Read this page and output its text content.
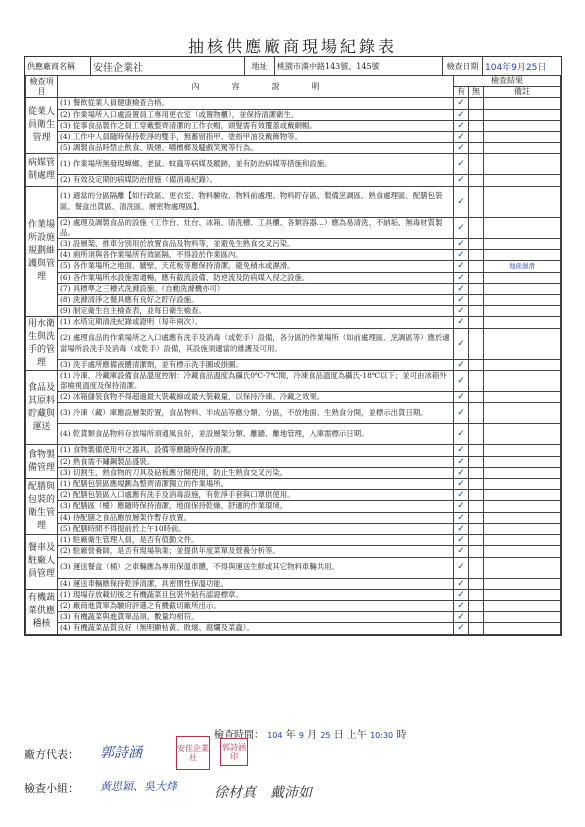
抽核供應廠商現場紀錄表
供應廠商名稱	安佳企業社	地址	桃園市漢中路143號、145號	檢查日期 104年9月25日
檢查項目	內　　　　容　　　　說　　　　明	檢查結果		
		有	無	備註
從業人員衛生管理	(1) 餐飲從業人員健康檢查合格。	✓		
	(2) 作業場所入口處設置員工專用更衣室（或置物櫃），並保持清潔衛生。	✓		
	(3) 從事食品製作之員工穿戴整齊清潔的工作衣帽，頭髮需有效覆蓋或戴網帽。	✓		
	(4) 工作中人員隨時保持乾淨的雙手，無蓄留指甲、塗指甲油及戴飾物等。	✓		
	(5) 調製食品時禁止飲食、吸煙、嚼檳榔及騷戲笑罵等行為。	✓		
病媒管制處理	(1) 作業場所無發現蟑螂、老鼠、蚊蟲等病媒及蹤跡，並有防治病媒等措施和設施。	✓		
	(2) 有效及定期的病媒防治措施（備消毒紀錄）。	✓		
作業場所設施規劃維護與管理	(1) 適當的分區隔離【如行政區、更衣室、物料驗收、物料前處理、物料貯存區、製備烹調區、熟食處理區、配膳包裝區、餐盒出貨區、清洗區、層密物處理區】。	✓		
	(2) 處理及調製食品的設施（工作台、灶台、冰箱、清洗槽、工具櫃、各類容器…）應為易清洗、不納垢、無毒材質製品。	✓		
	(3) 設層架、推車分別用於放置食品及物料等，並避免生熟食交叉污染。	✓		
	(4) 廁所須與各作業場所有效區隔，不得設於作業區內。	✓		
	(5) 各作業場所之地面、牆壁、天花板等應保持清潔，避免積水或濕滑。	✓		地面濕滑
	(6) 各作業場所水設施需通暢，應有截流設備、防逆流及防病媒入侵之設施。	✓		
	(7) 具標準之三槽式洗滌設施。（自動洗滌機亦可）	✓		
	(8) 洗滌清淨之餐具應有良好之貯存設施。	✓		
	(9) 制定衛生自主檢查表，並每日衛生檢查。	✓		
用水衛生與洗手的管理	(1) 水塔定期清洗紀錄或證明（每年兩次）。	✓		
	(2) 處理食品的作業場所之入口處應有洗手及消毒（或乾手）設備，各分區的作業場所（如前處理區、烹調區等）應於適當場所設洗手及消毒（或乾手）設備，其設施須適當的維護及可用。	✓		
	(3) 洗手處所應備液體清潔劑，並有標示洗手圖或掛圖。	✓		
食品及其原料貯藏與運送	(1) 冷凍、冷藏庫設備食品溫度控制：冷藏食品溫度為攝氏0℃-7℃間，冷凍食品溫度為攝氏-18℃以下；並可由冰箱外部檢視溫度及保持清潔。	✓		
	(2) 冰箱儲裝食物不得超過最大裝載線或最大裝載量，以保持冷凍、冷藏之效果。	✓		
	(3) 冷凍（藏）庫應設層架貯置，食品物料、半成品等應分類、分區，不放地面、生熟食分開，並標示出貨日期。	✓		
	(4) 乾貨類食品物料存放場所須通風良好，並設層架分類、離牆、離地管理，入庫需標示日期。	✓		
食物製備管理	(1) 食物製備使用中之器具、設備等應隨時保持清潔。	✓		
	(2) 熟食需不鏽鋼製品盛裝。	✓		
	(3) 切割生、熟食物的刀具及砧板應分開使用，防止生熟食交叉污染。	✓		
配膳與包裝的衛生管理	(1) 配膳包裝區應規劃為整齊清潔獨立的作業場所。	✓		
	(2) 配膳包裝區入口處應有洗手及消毒設施，有乾淨手套與口罩供使用。	✓		
	(3) 配膳區（檯）應隨時保持清潔，地面保持乾燥、舒適的作業環境。	✓		
	(4) 待配膳之食品應放層架作暫存放置。	✓		
	(5) 配膳時間不得提前於上午10時前。	✓		
餐車及駐廠人員管理	(1) 駐廠衛生管理人員，是否有值勤文件。	✓		
	(2) 駐廠營養師，是否有現場執業；並提供年度菜單及營養分析等。	✓		
	(3) 運送餐盒（桶）之車輛應為專用保溫車體，不得與運送生鮮或其它物料車輛共用。	✓		
	(4) 運送車輛應保持乾淨清潔，具密閉性保溫功能。	✓		
有機蔬菜供應稽核	(1) 現場存放載切後之有機蔬菜且包裝外貼有認證標章。	✓		
	(2) 廠商進貨單為驗府評選之有機截切廠所出示。	✓		
	(3) 有機蔬菜與進貨單品項、數量均相符。	✓		
	(4) 有機蔬菜品質良好（無明顯枯黃、敗壞、腐爛及菜蟲）。	✓		
檢查時間： 104 年 9 月 25 日 上午 10:30 時
廠方代表： 郭詩涵	安佳企業社
郭詩涵印
檢查小組： 黃思穎、吳大烽	徐材真　戴沛如
